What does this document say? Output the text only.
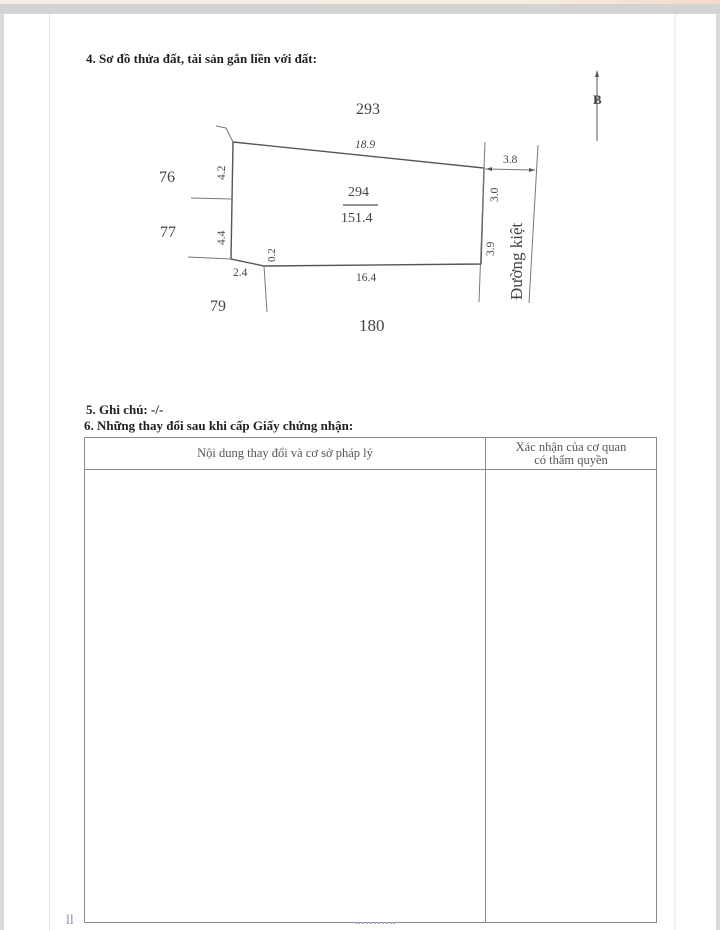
4. Sơ đồ thửa đất, tài sản gắn liền với đất:
B
294
151.4
293
76
77
79
180
18.9
4.2
4.4
2.4
0.2
16.4
3.0
3.9
3.8
Đường kiệt
5. Ghi chú: -/-
6. Những thay đổi sau khi cấp Giấy chứng nhận:
Nội dung thay đổi và cơ sở pháp lý	Xác nhận của cơ quan
có thẩm quyền

ll
